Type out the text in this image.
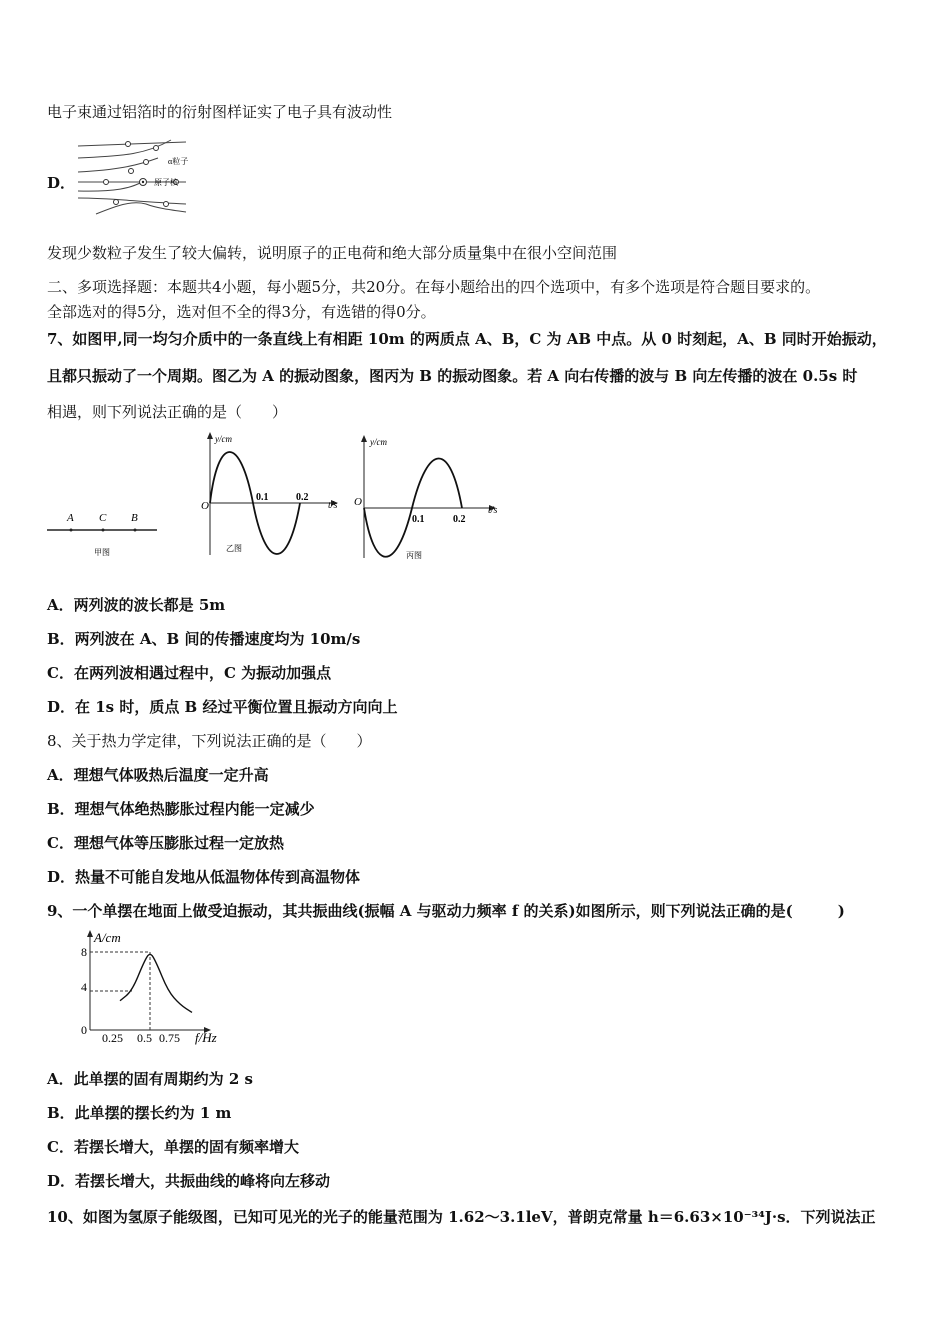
电子束通过铝箔时的衍射图样证实了电子具有波动性
D．
α粒子
原子核
发现少数粒子发生了较大偏转，说明原子的正电荷和绝大部分质量集中在很小空间范围
二、多项选择题：本题共4小题，每小题5分，共20分。在每小题给出的四个选项中，有多个选项是符合题目要求的。
全部选对的得5分，选对但不全的得3分，有选错的得0分。
7、如图甲,同一均匀介质中的一条直线上有相距 10m 的两质点 A、B，C 为 AB 中点。从 0 时刻起，A、B 同时开始振动，
且都只振动了一个周期。图乙为 A 的振动图象，图丙为 B 的振动图象。若 A 向右传播的波与 B 向左传播的波在 0.5s 时
相遇，则下列说法正确的是（　　）
A C B
甲图
y/cm
O
0.1	0.2
t/s
乙图
y/cm
O
0.1	0.2
t/s
丙图
A．两列波的波长都是 5m
B．两列波在 A、B 间的传播速度均为 10m/s
C．在两列波相遇过程中，C 为振动加强点
D．在 1s 时，质点 B 经过平衡位置且振动方向向上
8、关于热力学定律，下列说法正确的是（　　）
A．理想气体吸热后温度一定升高
B．理想气体绝热膨胀过程内能一定减少
C．理想气体等压膨胀过程一定放热
D．热量不可能自发地从低温物体传到高温物体
9、一个单摆在地面上做受迫振动，其共振曲线(振幅 A 与驱动力频率 f 的关系)如图所示，则下列说法正确的是(　　　)
A/cm
f/Hz
8
4
0
0.25 0.5 0.75
A．此单摆的固有周期约为 2 s
B．此单摆的摆长约为 1 m
C．若摆长增大，单摆的固有频率增大
D．若摆长增大，共振曲线的峰将向左移动
10、如图为氢原子能级图，已知可见光的光子的能量范围为 1.62～3.1leV，普朗克常量 h＝6.63×10⁻³⁴J·s．下列说法正
